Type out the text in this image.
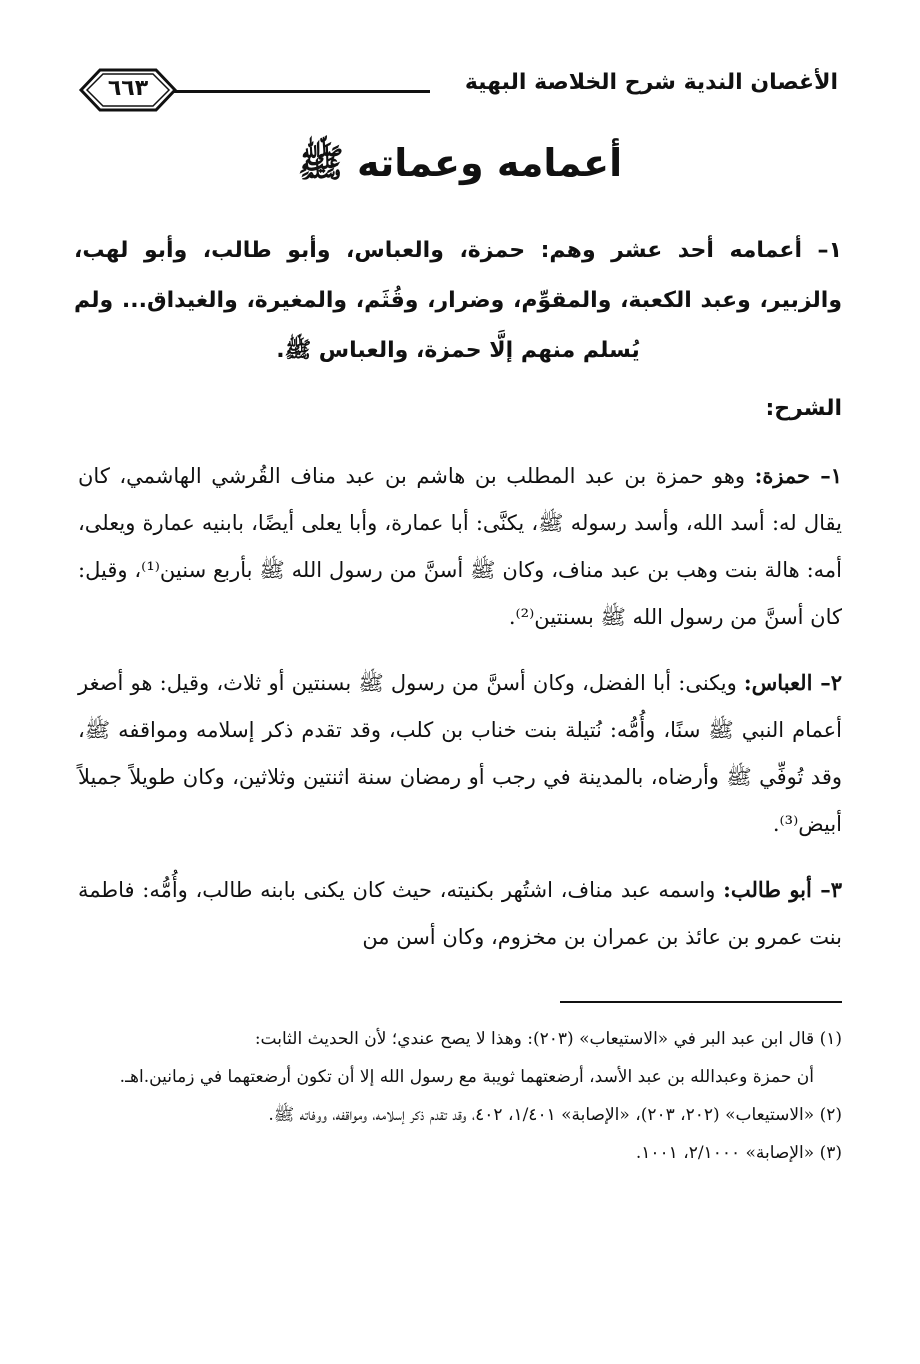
الأغصان الندية شرح الخلاصة البهية
٦٦٣
أعمامه وعماته ﷺ
١– أعمامه أحد عشر وهم: حمزة، والعباس، وأبو طالب، وأبو لهب، والزبير، وعبد الكعبة، والمقوِّم، وضرار، وقُثَم، والمغيرة، والغيداق... ولم يُسلم منهم إلَّا حمزة، والعباس ﷺ.
الشرح:

١– حمزة: وهو حمزة بن عبد المطلب بن هاشم بن عبد مناف القُرشي الهاشمي، كان يقال له: أسد الله، وأسد رسوله ﷺ، يكنَّى: أبا عمارة، وأبا يعلى أيضًا، بابنيه عمارة ويعلى، أمه: هالة بنت وهب بن عبد مناف، وكان ﷺ أسنَّ من رسول الله ﷺ بأربع سنين⁽¹⁾، وقيل: كان أسنَّ من رسول الله ﷺ بسنتين⁽²⁾.

٢– العباس: ويكنى: أبا الفضل، وكان أسنَّ من رسول ﷺ بسنتين أو ثلاث، وقيل: هو أصغر أعمام النبي ﷺ سنًا، وأُمُّه: نُتيلة بنت خناب بن كلب، وقد تقدم ذكر إسلامه ومواقفه ﷺ، وقد تُوفِّي ﷺ وأرضاه، بالمدينة في رجب أو رمضان سنة اثنتين وثلاثين، وكان طويلاً جميلاً أبيض⁽³⁾.

٣– أبو طالب: واسمه عبد مناف، اشتُهر بكنيته، حيث كان يكنى بابنه طالب، وأُمُّه: فاطمة بنت عمرو بن عائذ بن عمران بن مخزوم، وكان أسن من

(١) قال ابن عبد البر في «الاستيعاب» (٢٠٣): وهذا لا يصح عندي؛ لأن الحديث الثابت:

أن حمزة وعبدالله بن عبد الأسد، أرضعتهما ثويبة مع رسول الله إلا أن تكون أرضعتهما في زمانين.اهـ.

(٢) «الاستيعاب» (٢٠٢، ٢٠٣)، «الإصابة» ١/٤٠١، ٤٠٢، وقد تقدم ذكر إسلامه، ومواقفه، ووفاته ﷺ.

(٣) «الإصابة» ٢/١٠٠٠، ١٠٠١.
